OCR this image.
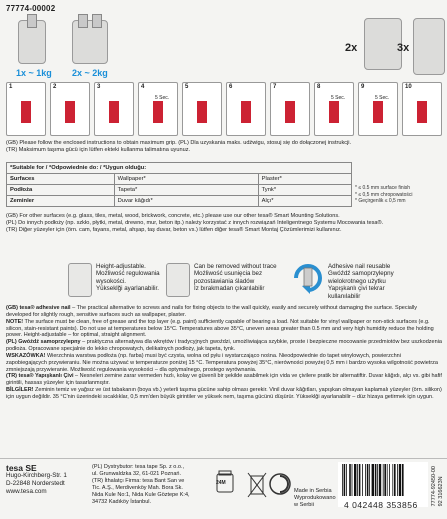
77774-00002
1x ~ 1kg 2x ~ 2kg
2x	3x
1	2	3	4
5 Sec.
5	6	7	8
5 Sec.
9
5 Sec.
10
(GB) Please follow the enclosed instructions to obtain maximum grip. (PL) Dla uzyskania maks. udźwigu, stosuj się do dołączonej instrukcji.
(TR) Maksimum taşıma gücü için lütfen ekteki kullanma talimatına uyunuz.
*Suitable for / *Odpowiednie do: / *Uygun olduğu:		
Surfaces	Wallpaper*	Plaster*
Podłoża	Tapeta*	Tynk*
Zeminler	Duvar kâğıdı*	Alçı*
* ≤ 0.5 mm surface finish
* ≤ 0,5 mm chropowatości
* Geçirgenlik ≤ 0,5 mm
(GB) For other surfaces (e.g. glass, tiles, metal, wood, brickwork, concrete, etc.) please use our other tesa® Smart Mounting Solutions.
(PL) Do innych podłoży (np. szkło, płytki, metal, drewno, mur, beton itp.) należy korzystać z innych rozwiązań Inteligentnego Systemu Mocowania tesa®.
(TR) Diğer yüzeyler için (örn. cam, fayans, metal, ahşap, taş duvar, beton vs.) lütfen diğer tesa® Smart Montaj Çözümlerimizi kullanınız.
Height-adjustable.
Możliwość regulowania
wysokości.
Yükseklği ayarlanabilir.
Can be removed without trace
Możliwość usunięcia bez
pozostawiania śladów
İz bırakmadan çıkarılabilir
Adhesive nail reusable
Gwóźdź samoprzylepny
wielokrotnego użytku
Yapışkanlı çivi tekrar
kullanılabilir
(GB) tesa® adhesive nail – The practical alternative to screws and nails for fixing objects to the wall quickly, easily and securely without damaging the surface. Specially developed for slightly rough, sensitive surfaces such as wallpaper, plaster.
NOTE! The surface must be clean, free of grease and the top layer (e.g. paint) sufficiently capable of bearing a load. Not suitable for vinyl wallpaper or non-stick surfaces (e.g. silicon, stain-resistant paints). Do not use at temperatures below 15°C. Temperatures above 35°C, uneven areas greater than 0.5 mm and very high humidity reduce the holding power. Height-adjustable – for optimal, straight alignment.
(PL) Gwóźdź samoprzylepny – praktyczna alternatywa dla wkrętów i tradycyjnych gwoździ, umożliwiająca szybkie, proste i bezpieczne mocowanie przedmiotów bez uszkodzenia podłoża. Opracowane specjalnie do lekko chropowatych, delikatnych podłoży, jak tapeta, tynk.
WSKAZÓWKA! Wierzchnia warstwa podłoża (np. farba) musi być czysta, wolna od pyłu i wystarczająco nośna. Nieodpowiednie do tapet winylowych, powierzchni zapobiegających przywieraniu. Nie można używać w temperaturze poniżej 15 °C. Temperatura powyżej 35°C, nierówności powyżej 0,5 mm i bardzo wysoka wilgotność powietrza zmniejszają przywieranie. Możliwość regulowania wysokości – dla optymalnego, prostego wyrównania.
(TR) tesa® Yapışkanlı Çivi – Nesneleri zemine zarar vermeden hızlı, kolay ve güvenli bir şekilde asabilmek için vida ve çivilere pratik bir alternatiftir. Duvar kâğıdı, alçı vs. gibi hafif girintili, hassas yüzeyler için tasarlanmıştır.
BİLGİLER! Zeminin temiz ve yağsız ve üst tabakanın (boya vb.) yeterli taşıma gücüne sahip olması gerekir. Vinil duvar kâğıtları, yapışkan olmayan kaplamalı yüzeyler (örn. silikon) için uygun değildir. 35 °C'nin üzerindeki sıcaklıklar, 0,5 mm'den büyük girintiler ve yüksek nem, taşıma gücünü düşürür. Yükseklği ayarlanabilir – düz hizaya getirmek için uygun.
tesa SE
Hugo-Kirchberg-Str. 1
D-22848 Norderstedt
www.tesa.com
(PL) Dystrybutor: tesa tape Sp. z o.o.,
ul. Grunwaldzka 32, 61-021 Poznań.
(TR) İthalatçı Firma: tesa Bant San ve
Tic. A.Ş., Merdivenköy Mah. Bora Sk.
Nida Kule No:1, Nida Kule Göztepe K:4,
34732 Kadıköy İstanbul.
24M
Made in Serbia
Wyprodukowano
w Serbii	4 042448 353856 77774-92450-00
92 316623N
